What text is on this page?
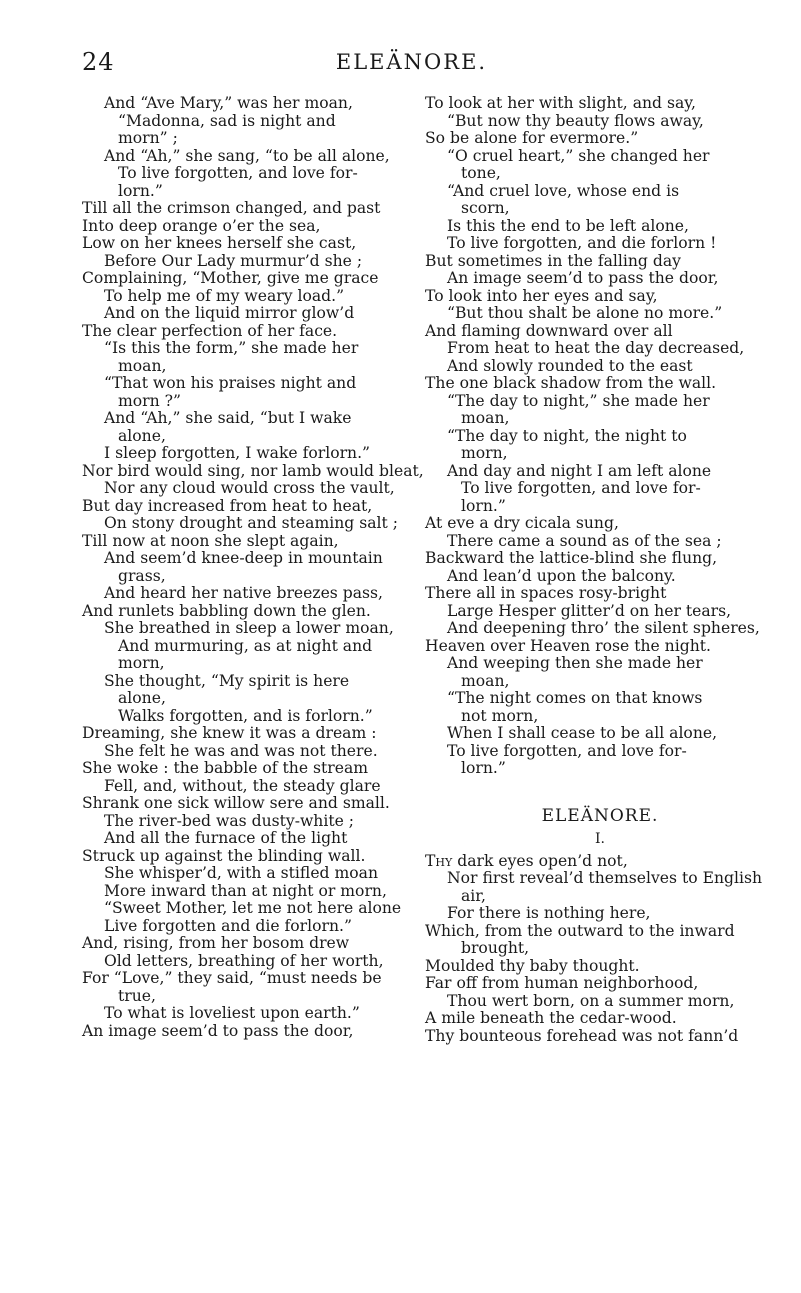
24	ELEÄNORE.

And “Ave Mary,” was her moan,

“Madonna, sad is night and

morn” ;

And “Ah,” she sang, “to be all alone,

To live forgotten, and love for-

lorn.”

Till all the crimson changed, and past

Into deep orange o’er the sea,

Low on her knees herself she cast,

Before Our Lady murmur’d she ;

Complaining, “Mother, give me grace

To help me of my weary load.”

And on the liquid mirror glow’d

The clear perfection of her face.

“Is this the form,” she made her

moan,

“That won his praises night and

morn ?”

And “Ah,” she said, “but I wake

alone,

I sleep forgotten, I wake forlorn.”

Nor bird would sing, nor lamb would bleat,

Nor any cloud would cross the vault,

But day increased from heat to heat,

On stony drought and steaming salt ;

Till now at noon she slept again,

And seem’d knee-deep in mountain

grass,

And heard her native breezes pass,

And runlets babbling down the glen.

She breathed in sleep a lower moan,

And murmuring, as at night and

morn,

She thought, “My spirit is here

alone,

Walks forgotten, and is forlorn.”

Dreaming, she knew it was a dream :

She felt he was and was not there.

She woke : the babble of the stream

Fell, and, without, the steady glare

Shrank one sick willow sere and small.

The river-bed was dusty-white ;

And all the furnace of the light

Struck up against the blinding wall.

She whisper’d, with a stifled moan

More inward than at night or morn,

“Sweet Mother, let me not here alone

Live forgotten and die forlorn.”

And, rising, from her bosom drew

Old letters, breathing of her worth,

For “Love,” they said, “must needs be

true,

To what is loveliest upon earth.”

An image seem’d to pass the door,

To look at her with slight, and say,

“But now thy beauty flows away,

So be alone for evermore.”

“O cruel heart,” she changed her

tone,

“And cruel love, whose end is

scorn,

Is this the end to be left alone,

To live forgotten, and die forlorn !

But sometimes in the falling day

An image seem’d to pass the door,

To look into her eyes and say,

“But thou shalt be alone no more.”

And flaming downward over all

From heat to heat the day decreased,

And slowly rounded to the east

The one black shadow from the wall.

“The day to night,” she made her

moan,

“The day to night, the night to

morn,

And day and night I am left alone

To live forgotten, and love for-

lorn.”

At eve a dry cicala sung,

There came a sound as of the sea ;

Backward the lattice-blind she flung,

And lean’d upon the balcony.

There all in spaces rosy-bright

Large Hesper glitter’d on her tears,

And deepening thro’ the silent spheres,

Heaven over Heaven rose the night.

And weeping then she made her

moan,

“The night comes on that knows

not morn,

When I shall cease to be all alone,

To live forgotten, and love for-

lorn.”

ELEÄNORE.
I.

Thy dark eyes open’d not,

Nor first reveal’d themselves to English

air,

For there is nothing here,

Which, from the outward to the inward

brought,

Moulded thy baby thought.

Far off from human neighborhood,

Thou wert born, on a summer morn,

A mile beneath the cedar-wood.

Thy bounteous forehead was not fann’d
